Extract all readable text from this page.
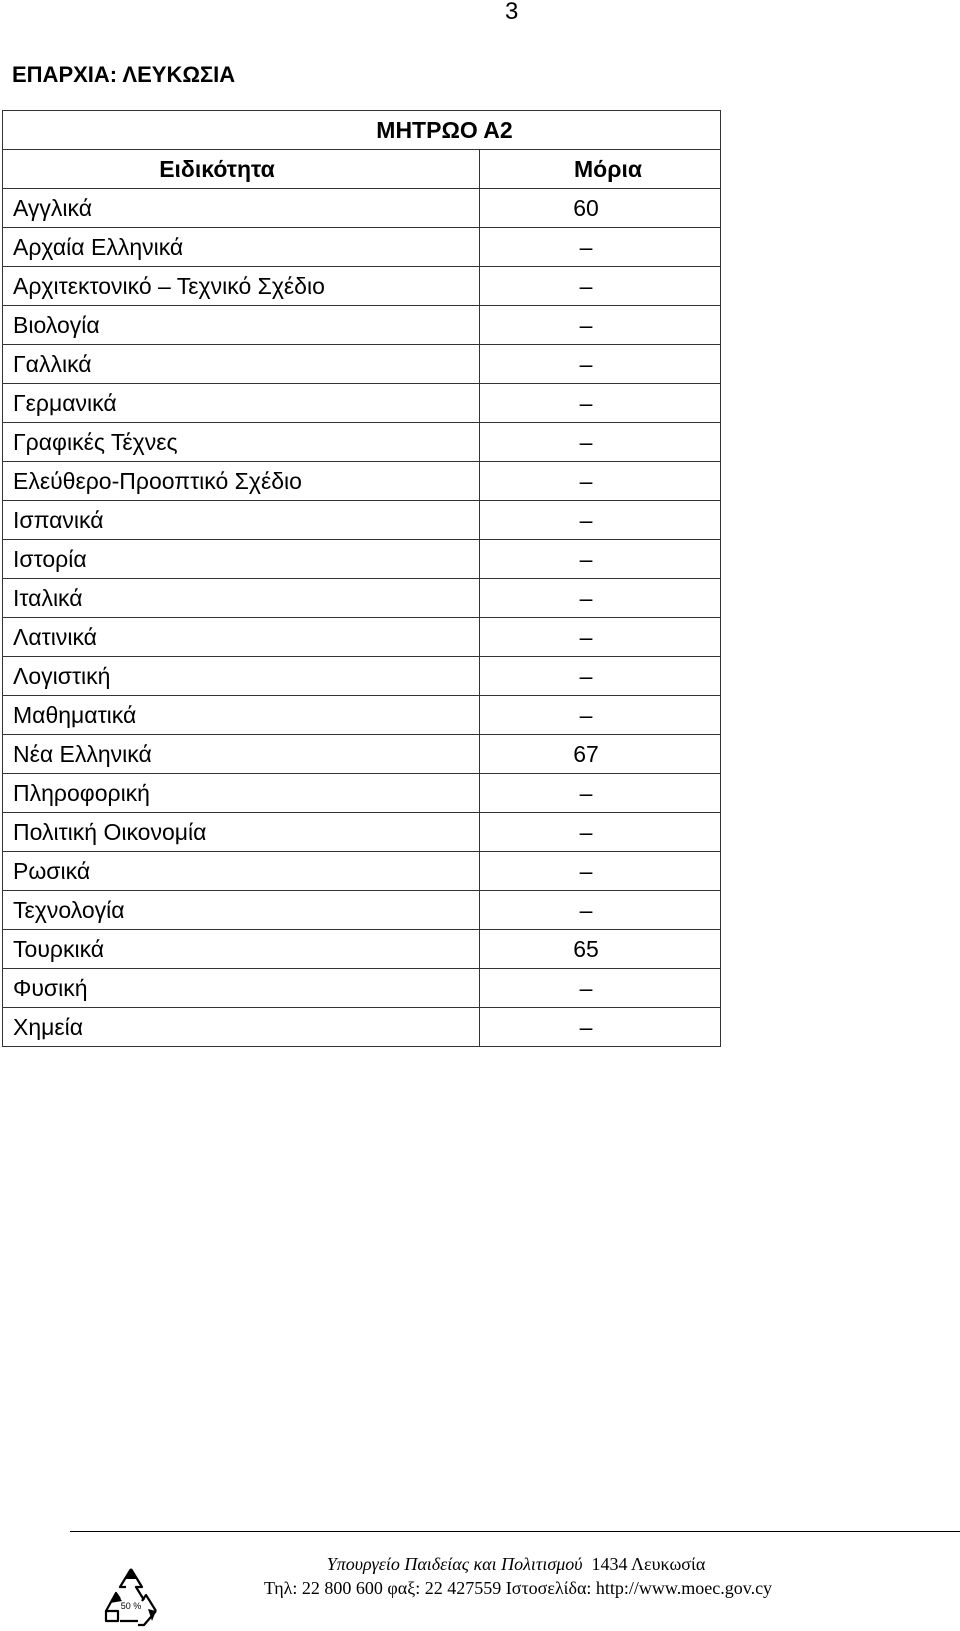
3
ΕΠΑΡΧΙΑ: ΛΕΥΚΩΣΙΑ
ΜΗΤΡΩΟ Α2	
Ειδικότητα	Μόρια
Αγγλικά	60
Αρχαία Ελληνικά	–
Αρχιτεκτονικό – Τεχνικό Σχέδιο	–
Βιολογία	–
Γαλλικά	–
Γερμανικά	–
Γραφικές Τέχνες	–
Ελεύθερο-Προοπτικό Σχέδιο	–
Ισπανικά	–
Ιστορία	–
Ιταλικά	–
Λατινικά	–
Λογιστική	–
Μαθηματικά	–
Νέα Ελληνικά	67
Πληροφορική	–
Πολιτική Οικονομία	–
Ρωσικά	–
Τεχνολογία	–
Τουρκικά	65
Φυσική	–
Χημεία	–
50 %
Υπουργείο Παιδείας και Πολιτισμού 1434 Λευκωσία
Τηλ: 22 800 600 φαξ: 22 427559 Ιστοσελίδα: http://www.moec.gov.cy
